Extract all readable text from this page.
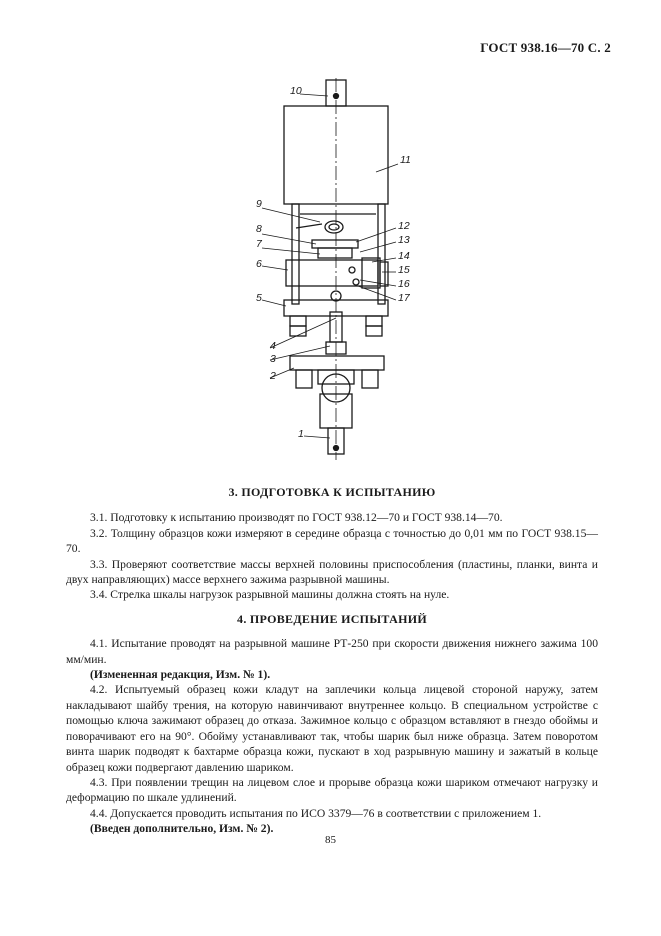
ГОСТ 938.16—70 С. 2
10
11
9
8
7
6
5
12
13
14
15
16
17
4
3
2
1
3. ПОДГОТОВКА К ИСПЫТАНИЮ

3.1. Подготовку к испытанию производят по ГОСТ 938.12—70 и ГОСТ 938.14—70.

3.2. Толщину образцов кожи измеряют в середине образца с точностью до 0,01 мм по ГОСТ 938.15—70.

3.3. Проверяют соответствие массы верхней половины приспособления (пластины, планки, винта и двух направляющих) массе верхнего зажима разрывной машины.

3.4. Стрелка шкалы нагрузок разрывной машины должна стоять на нуле.

4. ПРОВЕДЕНИЕ ИСПЫТАНИЙ

4.1. Испытание проводят на разрывной машине РТ-250 при скорости движения нижнего зажима 100 мм/мин.

(Измененная редакция, Изм. № 1).

4.2. Испытуемый образец кожи кладут на заплечики кольца лицевой стороной наружу, затем накладывают шайбу трения, на которую навинчивают внутреннее кольцо. В специальном устройстве с помощью ключа зажимают образец до отказа. Зажимное кольцо с образцом вставляют в гнездо обоймы и поворачивают его на 90°. Обойму устанавливают так, чтобы шарик был ниже образца. Затем поворотом винта шарик подводят к бахтарме образца кожи, пускают в ход разрывную машину и зажатый в кольце образец кожи подвергают давлению шариком.

4.3. При появлении трещин на лицевом слое и прорыве образца кожи шариком отмечают нагрузку и деформацию по шкале удлинений.

4.4. Допускается проводить испытания по ИСО 3379—76 в соответствии с приложением 1.

(Введен дополнительно, Изм. № 2).

85
